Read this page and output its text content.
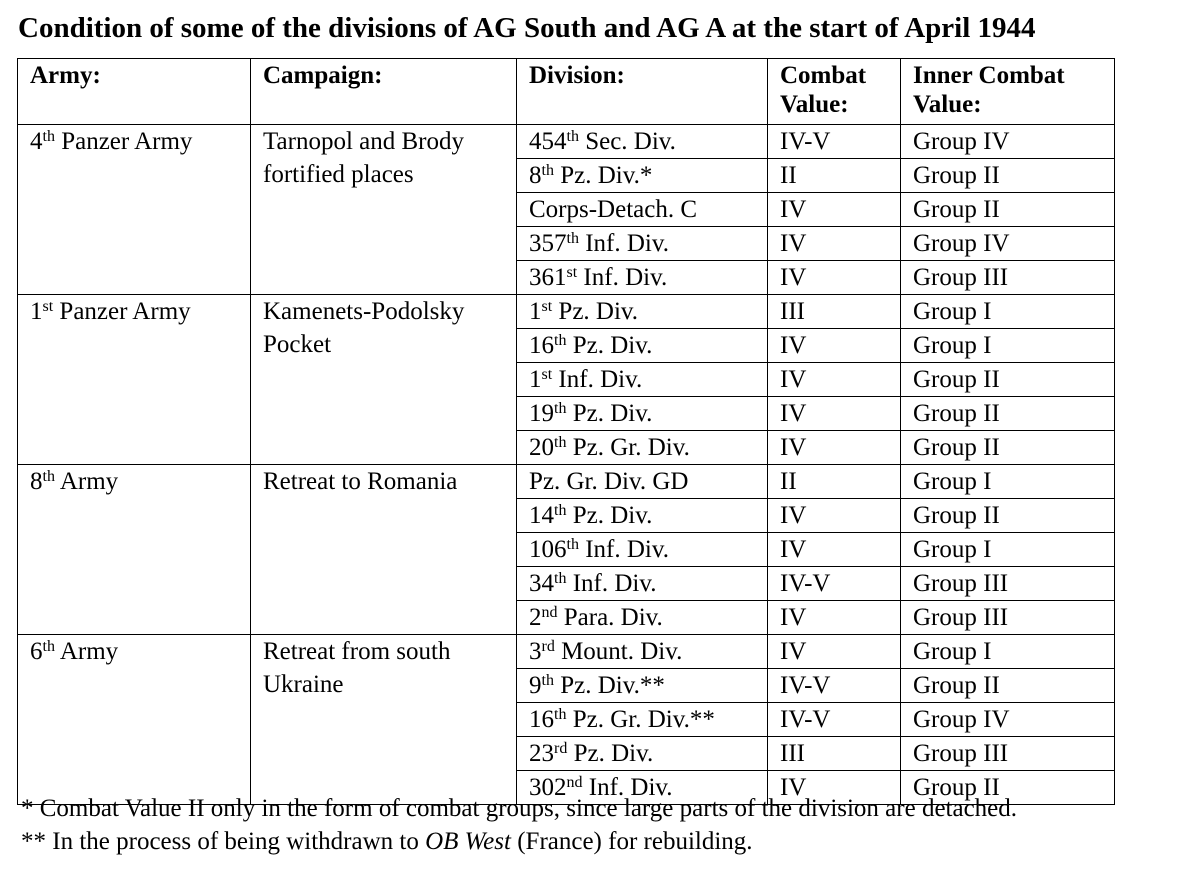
Condition of some of the divisions of AG South and AG A at the start of April 1944
Army:	Campaign:	Division:	Combat Value:	Inner Combat Value:
4th Panzer Army	Tarnopol and Brody fortified places	454th Sec. Div.	IV-V	Group IV
		8th Pz. Div.*	II	Group II
		Corps-Detach. C	IV	Group II
		357th Inf. Div.	IV	Group IV
		361st Inf. Div.	IV	Group III
1st Panzer Army	Kamenets-Podolsky Pocket	1st Pz. Div.	III	Group I
		16th Pz. Div.	IV	Group I
		1st Inf. Div.	IV	Group II
		19th Pz. Div.	IV	Group II
		20th Pz. Gr. Div.	IV	Group II
8th Army	Retreat to Romania	Pz. Gr. Div. GD	II	Group I
		14th Pz. Div.	IV	Group II
		106th Inf. Div.	IV	Group I
		34th Inf. Div.	IV-V	Group III
		2nd Para. Div.	IV	Group III
6th Army	Retreat from south Ukraine	3rd Mount. Div.	IV	Group I
		9th Pz. Div.**	IV-V	Group II
		16th Pz. Gr. Div.**	IV-V	Group IV
		23rd Pz. Div.	III	Group III
		302nd Inf. Div.	IV	Group II
* Combat Value II only in the form of combat groups, since large parts of the division are detached.
** In the process of being withdrawn to OB West (France) for rebuilding.
